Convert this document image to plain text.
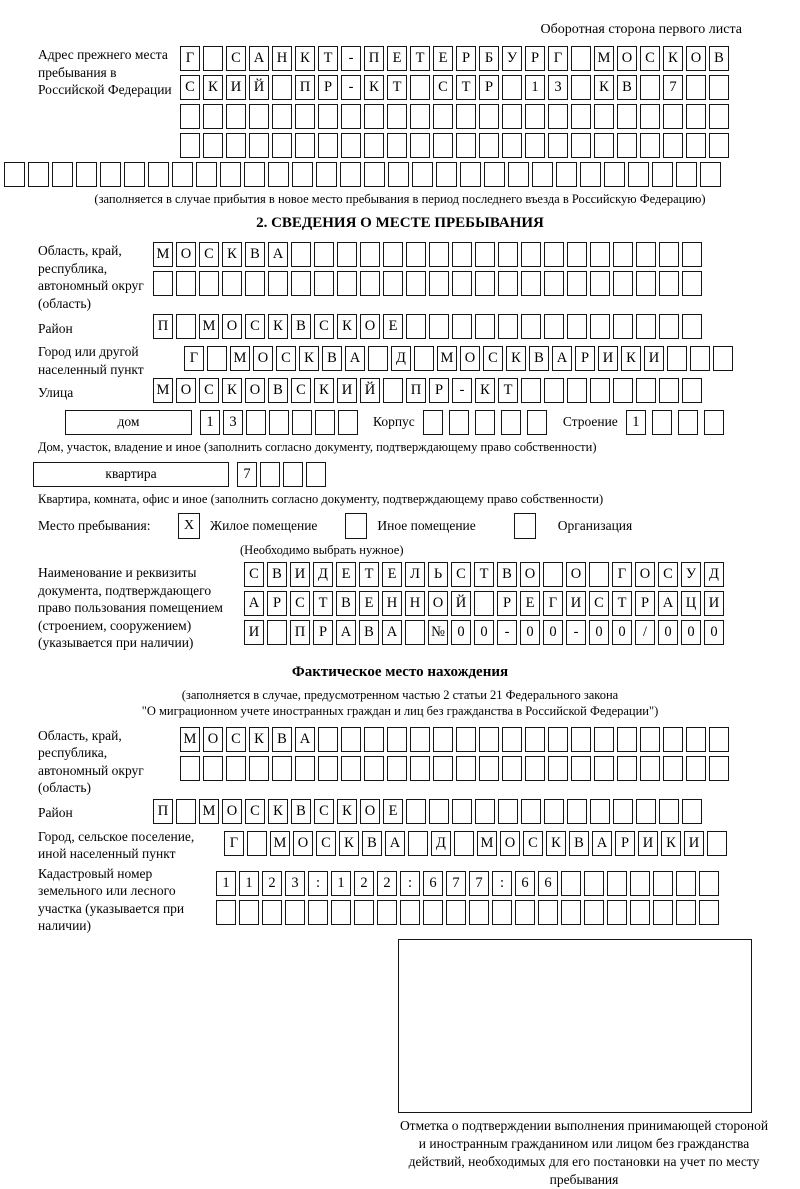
Оборотная сторона первого листа
Адрес прежнего места пребывания в Российской Федерации
Г	С А Н К Т	-	П Е Т Е	Р	Б У Р	Г	М О С К О В
С К И Й	П Р	-	К Т	С Т	Р	1	3	К В	7
(заполняется в случае прибытия в новое место пребывания в период последнего въезда в Российскую Федерацию)
2. СВЕДЕНИЯ О МЕСТЕ ПРЕБЫВАНИЯ
Область, край, республика, автономный округ (область)
М О С К В А
Район	П	М О С К В С К О Е
Город или другой населенный пункт
Г	М О С К В А	Д	М О С К В А Р И К И
Улица	М О С К О В С К И Й	П Р	-	К Т
дом	1	3	Корпус	Строение 1
Дом, участок, владение и иное (заполнить согласно документу, подтверждающему право собственности)
квартира	7
Квартира, комната, офис и иное (заполнить согласно документу, подтверждающему право собственности)
Место пребывания:	X	Жилое помещение	Иное помещение	Организация
(Необходимо выбрать нужное)
Наименование и реквизиты документа, подтверждающего право пользования помещением (строением, сооружением) (указывается при наличии)
С В И Д Е Т Е Л Ь С Т В О	О	Г О С У Д
А Р С Т В Е Н Н О Й	Р	Е Г И С Т	Р А Ц И
И	П Р А В А	№ 0	0	-	0	0	-	0	0	/	0	0	0
Фактическое место нахождения
(заполняется в случае, предусмотренном частью 2 статьи 21 Федерального закона
"О миграционном учете иностранных граждан и лиц без гражданства в Российской Федерации")
Область, край, республика, автономный округ (область)
М О С К В А
Район	П	М О С К В С К О Е
Город, сельское поселение, иной населенный пункт
Г	М О С К В А	Д	М О С К В А Р И К И
Кадастровый номер земельного или лесного участка (указывается при наличии)
1	1	2	3	:	1	2	2	:	6	7	7	:	6	6
Отметка о подтверждении выполнения принимающей стороной и иностранным гражданином или лицом без гражданства действий, необходимых для его постановки на учет по месту пребывания
